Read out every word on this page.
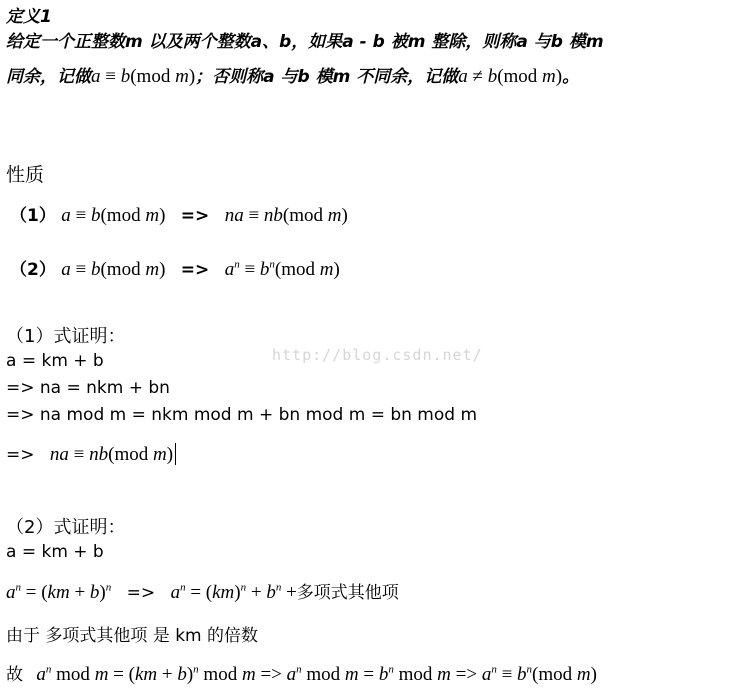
定义1
给定一个正整数m 以及两个整数a、b，如果a - b 被m 整除，则称a 与b 模m
同余，记做a ≡ b(mod m)；否则称a 与b 模m 不同余，记做a ≠ b(mod m)。
性质
（1） a ≡ b(mod m) => na ≡ nb(mod m)
（2） a ≡ b(mod $m) => a^n \equiv b^n(mod$ m)
（1）式证明：
http://blog.csdn.net/
a = km + b
=> na = nkm + bn
=> na mod m = nkm mod m + bn mod m = bn mod m
=> na ≡ nb(mod m)
（2）式证明：
a = km + b
$a^n = (km + b)^n => a^n = (km)^n + b^n$ +多项式其他项
由于 多项式其他项 是 km 的倍数
故 $a^n$ mod m = (km + b)$^n$ mod $m => a^n$ mod $m = b^n$ mod $m => a^n \equiv b^n(mod$ m)
